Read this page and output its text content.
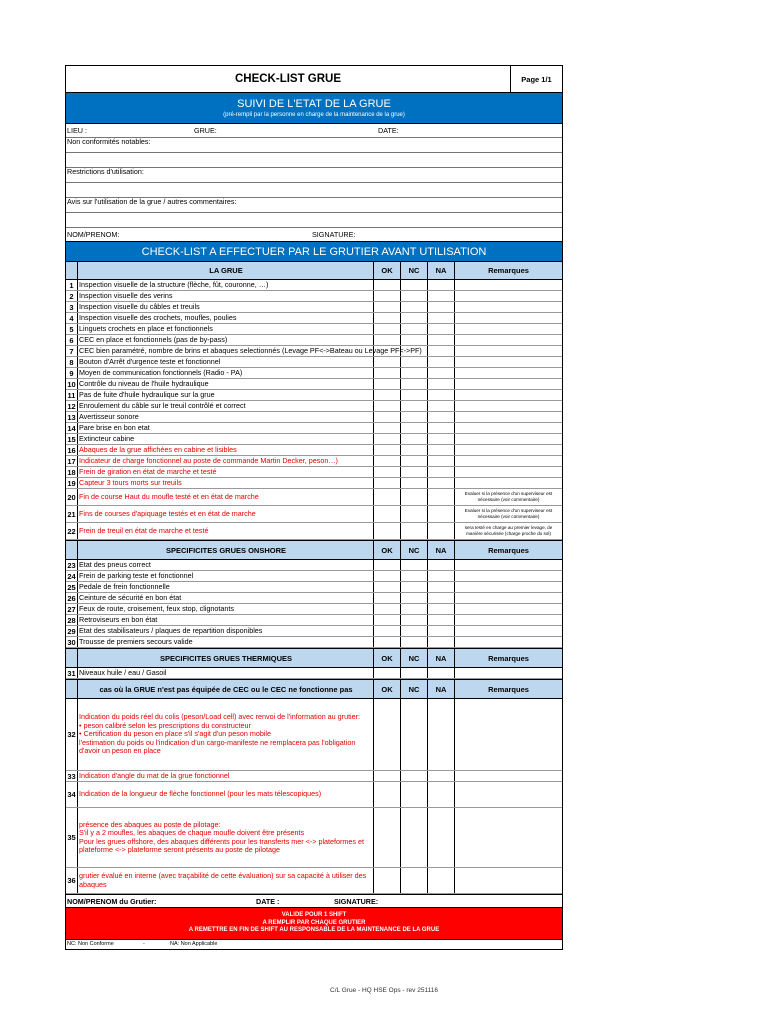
CHECK-LIST GRUE	Page 1/1
SUIVI DE L'ETAT DE LA GRUE
(pré-rempli par la personne en charge de la maintenance de la grue)
LIEU :	GRUE:	DATE:
Non conformités notables:
Restrictions d'utilisation:
Avis sur l'utilisation de la grue / autres commentaires:
NOM/PRENOM:	SIGNATURE:
CHECK-LIST A EFFECTUER PAR LE GRUTIER AVANT UTILISATION
LA GRUE	OK NC NA	Remarques
1 Inspection visuelle de la structure (flèche, fût, couronne, …)
2 Inspection visuelle des verins
3 Inspection visuelle du câbles et treuils
4 Inspection visuelle des crochets, moufles, poulies
5 Linguets crochets en place et fonctionnels
6 CEC en place et fonctionnels (pas de by-pass)
7 CEC bien paramétré, nombre de brins et abaques selectionnés (Levage PF<->Bateau ou Levage PF<->PF)
8 Bouton d'Arrêt d'urgence teste et fonctionnel
9 Moyen de communication fonctionnels (Radio - PA)
10 Contrôle du niveau de l'huile hydraulique
11 Pas de fuite d'huile hydraulique sur la grue
12 Enroulement du câble sur le treuil contrôlé et correct
13 Avertisseur sonore
14 Pare brise en bon etat
15 Extincteur cabine
16 Abaques de la grue affichées en cabine et lisibles
17 Indicateur de charge fonctionnel au poste de commande Martin Decker, peson…)
18 Frein de giration en état de marche et testé
19 Capteur 3 tours morts sur treuils
20 Fin de course Haut du moufle testé et en état de marche	Evaluer si la présence d'un superviseur est nécessaire (voir commentaire)
21 Fins de courses d'apiquage testés et en état de marche	Evaluer si la présence d'un superviseur est nécessaire (voir commentaire)
22 Frein de treuil en état de marche et testé	sera testé en charge au premier levage, de manière sécurisée (charge proche du sol)
SPECIFICITES GRUES ONSHORE	OK NC NA	Remarques
23 Etat des pneus correct
24 Frein de parking teste et fonctionnel
25 Pedale de frein fonctionnelle
26 Ceinture de sécurité en bon état
27 Feux de route, croisement, feux stop, clignotants
28 Retroviseurs en bon état
29 Etat des stabilisateurs / plaques de repartition disponibles
30 Trousse de premiers secours valide
SPECIFICITES GRUES THERMIQUES	OK NC NA	Remarques
31 Niveaux huile / eau / Gasoil
cas où la GRUE n'est pas équipée de CEC ou le CEC ne fonctionne pas	OK NC NA	Remarques
32
Indication du poids réel du colis (peson/Load cell) avec renvoi de l'information au grutier:
• peson calibré selon les prescriptions du constructeur
• Certification du peson en place s'il s'agit d'un peson mobile
l'estimation du poids ou l'indication d'un cargo-manifeste ne remplacera pas l'obligation d'avoir un peson en place
33 Indication d'angle du mat de la grue fonctionnel
34 Indication de la longueur de flèche fonctionnel (pour les mats télescopiques)
35
présence des abaques au poste de pilotage:
S'il y a 2 moufles, les abaques de chaque moufle doivent être présents
Pour les grues offshore, des abaques différents pour les transferts mer <-> plateformes et plateforme <-> plateforme seront présents au poste de pilotage
36
grutier évalué en interne (avec traçabilité de cette évaluation) sur sa capacité à utiliser des abaques
NOM/PRENOM du Grutier:	DATE :	SIGNATURE:
VALIDE POUR 1 SHIFT
A REMPLIR PAR CHAQUE GRUTIER
A REMETTRE EN FIN DE SHIFT AU RESPONSABLE DE LA MAINTENANCE DE LA GRUE
NC: Non Conforme	-	NA: Non Applicable
C/L Grue - HQ HSE Ops - rev 251116
